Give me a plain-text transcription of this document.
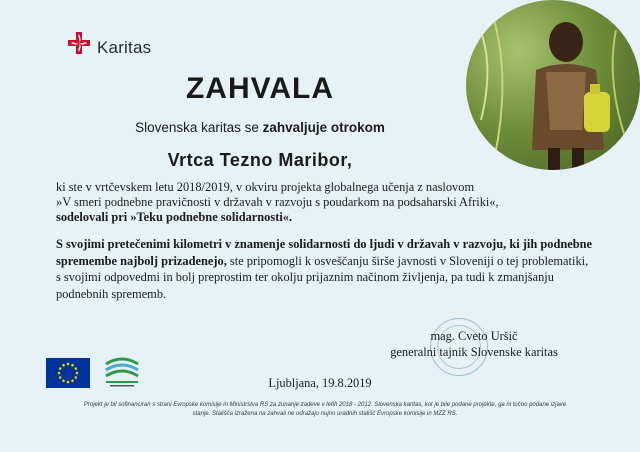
Karitas
ZAHVALA
Slovenska karitas se zahvaljuje otrokom
Vrtca Tezno Maribor,
ki ste v vrtčevskem letu 2018/2019, v okviru projekta globalnega učenja z naslovom
»V smeri podnebne pravičnosti v državah v razvoju s poudarkom na podsaharski Afriki«,
sodelovali pri »Teku podnebne solidarnosti«.
S svojimi pretečenimi kilometri v znamenje solidarnosti do ljudi v državah v razvoju, ki jih podnebne spremembe najbolj prizadenejo, ste pripomogli k osveščanju širše javnosti v Sloveniji o tej problematiki, s svojimi odpovedmi in bolj preprostim ter okolju prijaznim načinom življenja, pa tudi k zmanjšanju podnebnih sprememb.
mag. Cveto Uršič
generalni tajnik Slovenske karitas
Ljubljana, 19.8.2019
Projekt je bil sofinanciran s strani Evropske komisije in Ministrstva RS za zunanje zadeve v letih 2018 - 2012. Slovenska karitas, kot je bile podane projekte, ga ni točno podane izjave
stanje. Stališča izražena na zahvali ne odražajo nujno uradnih stališč Evropske komisije in MZZ RS.
